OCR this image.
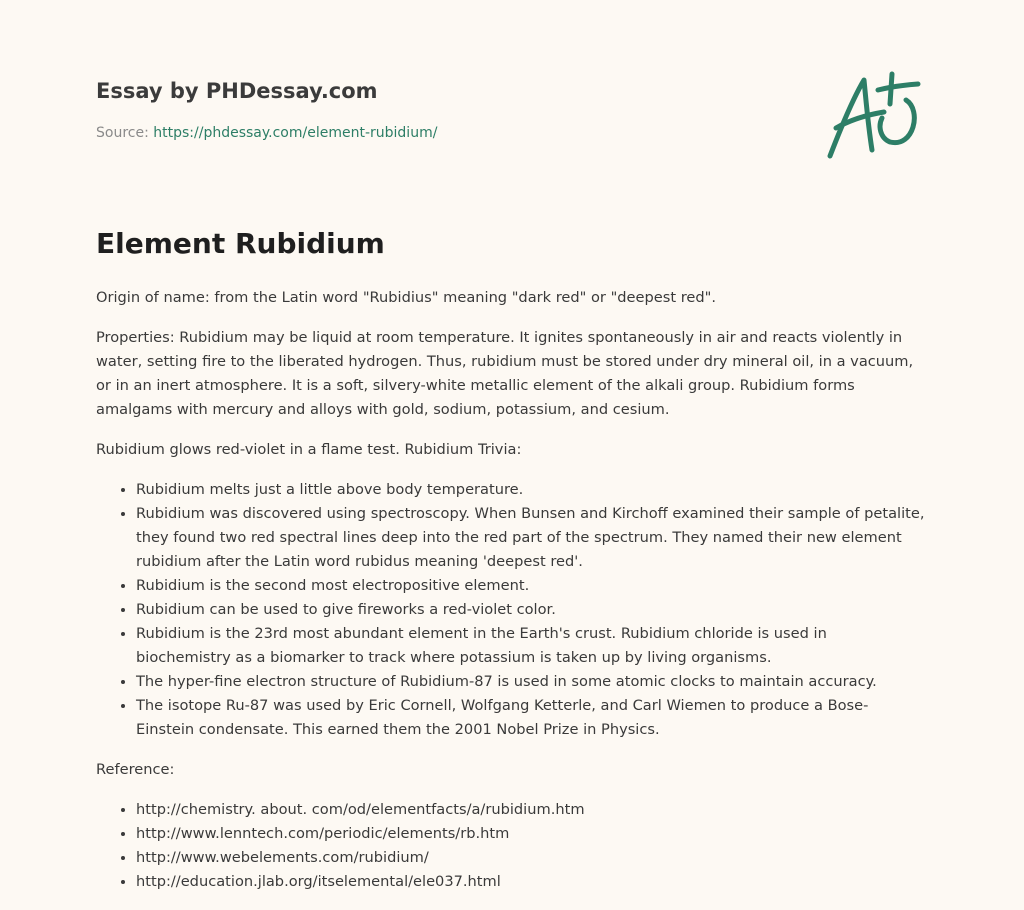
Essay by PHDessay.com
Source: https://phdessay.com/element-rubidium/
Element Rubidium

Origin of name: from the Latin word "Rubidius" meaning "dark red" or "deepest red".

Properties: Rubidium may be liquid at room temperature. It ignites spontaneously in air and reacts violently in water, setting fire to the liberated hydrogen. Thus, rubidium must be stored under dry mineral oil, in a vacuum, or in an inert atmosphere. It is a soft, silvery-white metallic element of the alkali group. Rubidium forms amalgams with mercury and alloys with gold, sodium, potassium, and cesium.

Rubidium glows red-violet in a flame test. Rubidium Trivia:

• Rubidium melts just a little above body temperature.
• Rubidium was discovered using spectroscopy. When Bunsen and Kirchoff examined their sample of petalite, they found two red spectral lines deep into the red part of the spectrum. They named their new element rubidium after the Latin word rubidus meaning 'deepest red'.
• Rubidium is the second most electropositive element.
• Rubidium can be used to give fireworks a red-violet color.
• Rubidium is the 23rd most abundant element in the Earth's crust. Rubidium chloride is used in biochemistry as a biomarker to track where potassium is taken up by living organisms.
• The hyper-fine electron structure of Rubidium-87 is used in some atomic clocks to maintain accuracy.
• The isotope Ru-87 was used by Eric Cornell, Wolfgang Ketterle, and Carl Wiemen to produce a Bose-Einstein condensate. This earned them the 2001 Nobel Prize in Physics.

Reference:

• http://chemistry. about. com/od/elementfacts/a/rubidium.htm
• http://www.lenntech.com/periodic/elements/rb.htm
• http://www.webelements.com/rubidium/
• http://education.jlab.org/itselemental/ele037.html
